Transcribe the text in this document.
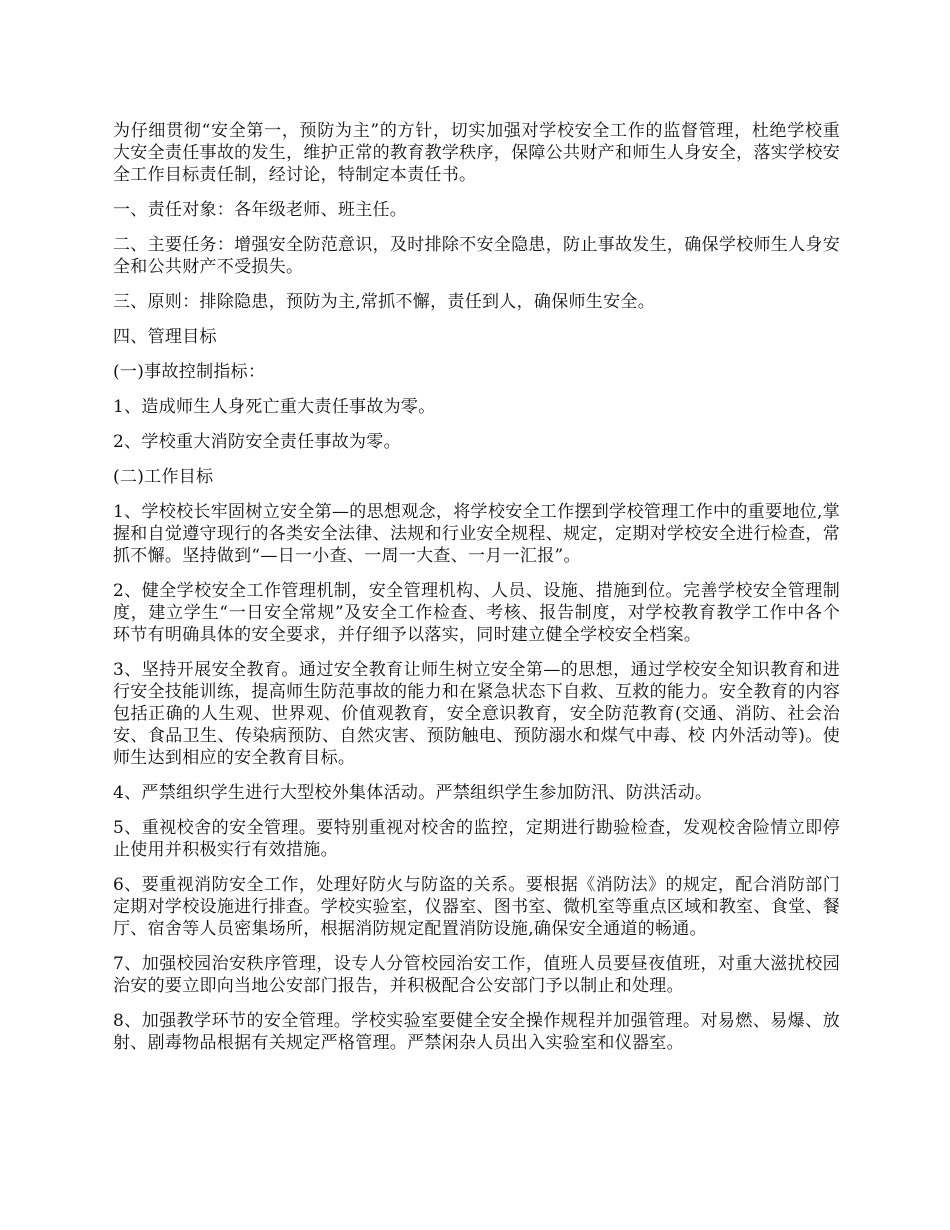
为仔细贯彻“安全第一，预防为主”的方针，切实加强对学校安全工作的监督管理，杜绝学校重大安全责任事故的发生，维护正常的教育教学秩序，保障公共财产和师生人身安全，落实学校安全工作目标责任制，经讨论，特制定本责任书。

一、责任对象：各年级老师、班主任。

二、主要任务：增强安全防范意识，及时排除不安全隐患，防止事故发生，确保学校师生人身安全和公共财产不受损失。

三、原则：排除隐患，预防为主,常抓不懈，责任到人，确保师生安全。

四、管理目标

(一)事故控制指标：

1、造成师生人身死亡重大责任事故为零。

2、学校重大消防安全责任事故为零。

(二)工作目标

1、学校校长牢固树立安全第—的思想观念，将学校安全工作摆到学校管理工作中的重要地位,掌握和自觉遵守现行的各类安全法律、法规和行业安全规程、规定，定期对学校安全进行检查，常抓不懈。坚持做到“—日一小查、一周一大查、一月一汇报”。

2、健全学校安全工作管理机制，安全管理机构、人员、设施、措施到位。完善学校安全管理制度，建立学生“一日安全常规”及安全工作检查、考核、报告制度，对学校教育教学工作中各个环节有明确具体的安全要求，并仔细予以落实，同时建立健全学校安全档案。

3、坚持开展安全教育。通过安全教育让师生树立安全第—的思想，通过学校安全知识教育和进行安全技能训练，提高师生防范事故的能力和在紧急状态下自救、互救的能力。安全教育的内容包括正确的人生观、世界观、价值观教育，安全意识教育，安全防范教育(交通、消防、社会治安、食品卫生、传染病预防、自然灾害、预防触电、预防溺水和煤气中毒、校 内外活动等)。使师生达到相应的安全教育目标。

4、严禁组织学生进行大型校外集体活动。严禁组织学生参加防汛、防洪活动。

5、重视校舍的安全管理。要特别重视对校舍的监控，定期进行勘验检查，发观校舍险情立即停止使用并积极实行有效措施。

6、要重视消防安全工作，处理好防火与防盗的关系。要根据《消防法》的规定，配合消防部门定期对学校设施进行排查。学校实验室，仪器室、图书室、微机室等重点区域和教室、食堂、餐厅、宿舍等人员密集场所，根据消防规定配置消防设施,确保安全通道的畅通。

7、加强校园治安秩序管理，设专人分管校园治安工作，值班人员要昼夜值班，对重大滋扰校园治安的要立即向当地公安部门报告，并积极配合公安部门予以制止和处理。

8、加强教学环节的安全管理。学校实验室要健全安全操作规程并加强管理。对易燃、易爆、放射、剧毒物品根据有关规定严格管理。严禁闲杂人员出入实验室和仪器室。
